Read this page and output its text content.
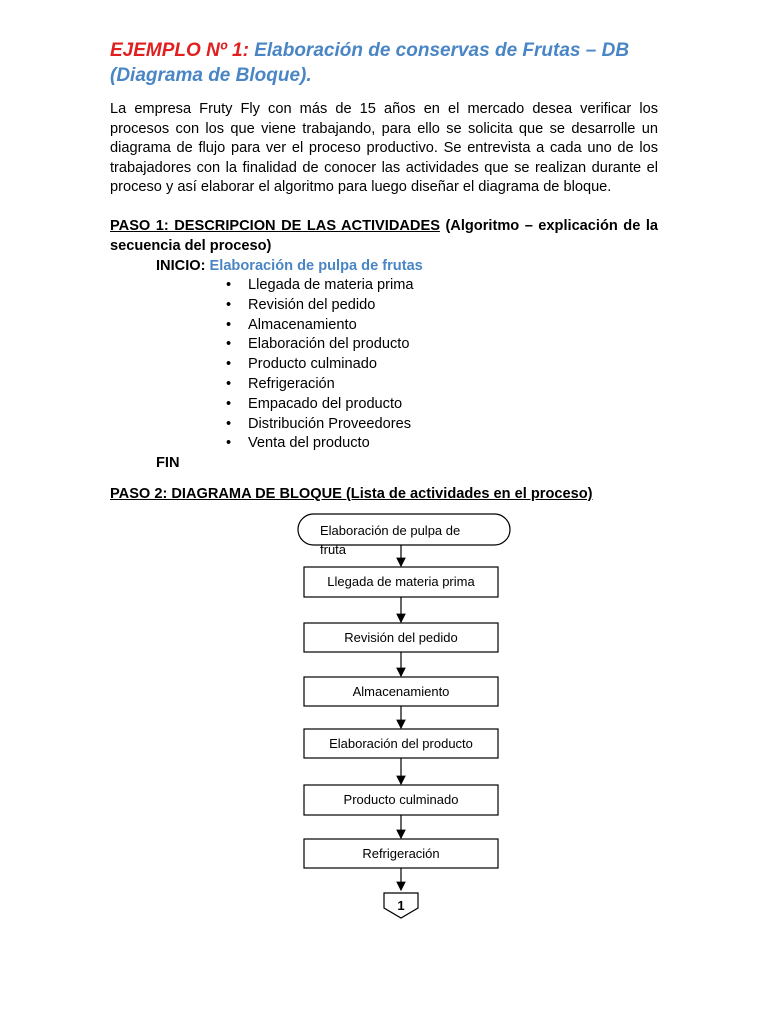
EJEMPLO Nº 1: Elaboración de conservas de Frutas – DB (Diagrama de Bloque).
La empresa Fruty Fly con más de 15 años en el mercado desea verificar los procesos con los que viene trabajando, para ello se solicita que se desarrolle un diagrama de flujo para ver el proceso productivo. Se entrevista a cada uno de los trabajadores con la finalidad de conocer las actividades que se realizan durante el proceso y así elaborar el algoritmo para luego diseñar el diagrama de bloque.
PASO 1: DESCRIPCION DE LAS ACTIVIDADES (Algoritmo – explicación de la secuencia del proceso)
INICIO: Elaboración de pulpa de frutas
• Llegada de materia prima
• Revisión del pedido
• Almacenamiento
• Elaboración del producto
• Producto culminado
• Refrigeración
• Empacado del producto
• Distribución Proveedores
• Venta del producto
FIN
PASO 2: DIAGRAMA DE BLOQUE (Lista de actividades en el proceso)
Elaboración de pulpa de
fruta
Llegada de materia prima
Revisión del pedido
Almacenamiento
Elaboración del producto
Producto culminado
Refrigeración
1
